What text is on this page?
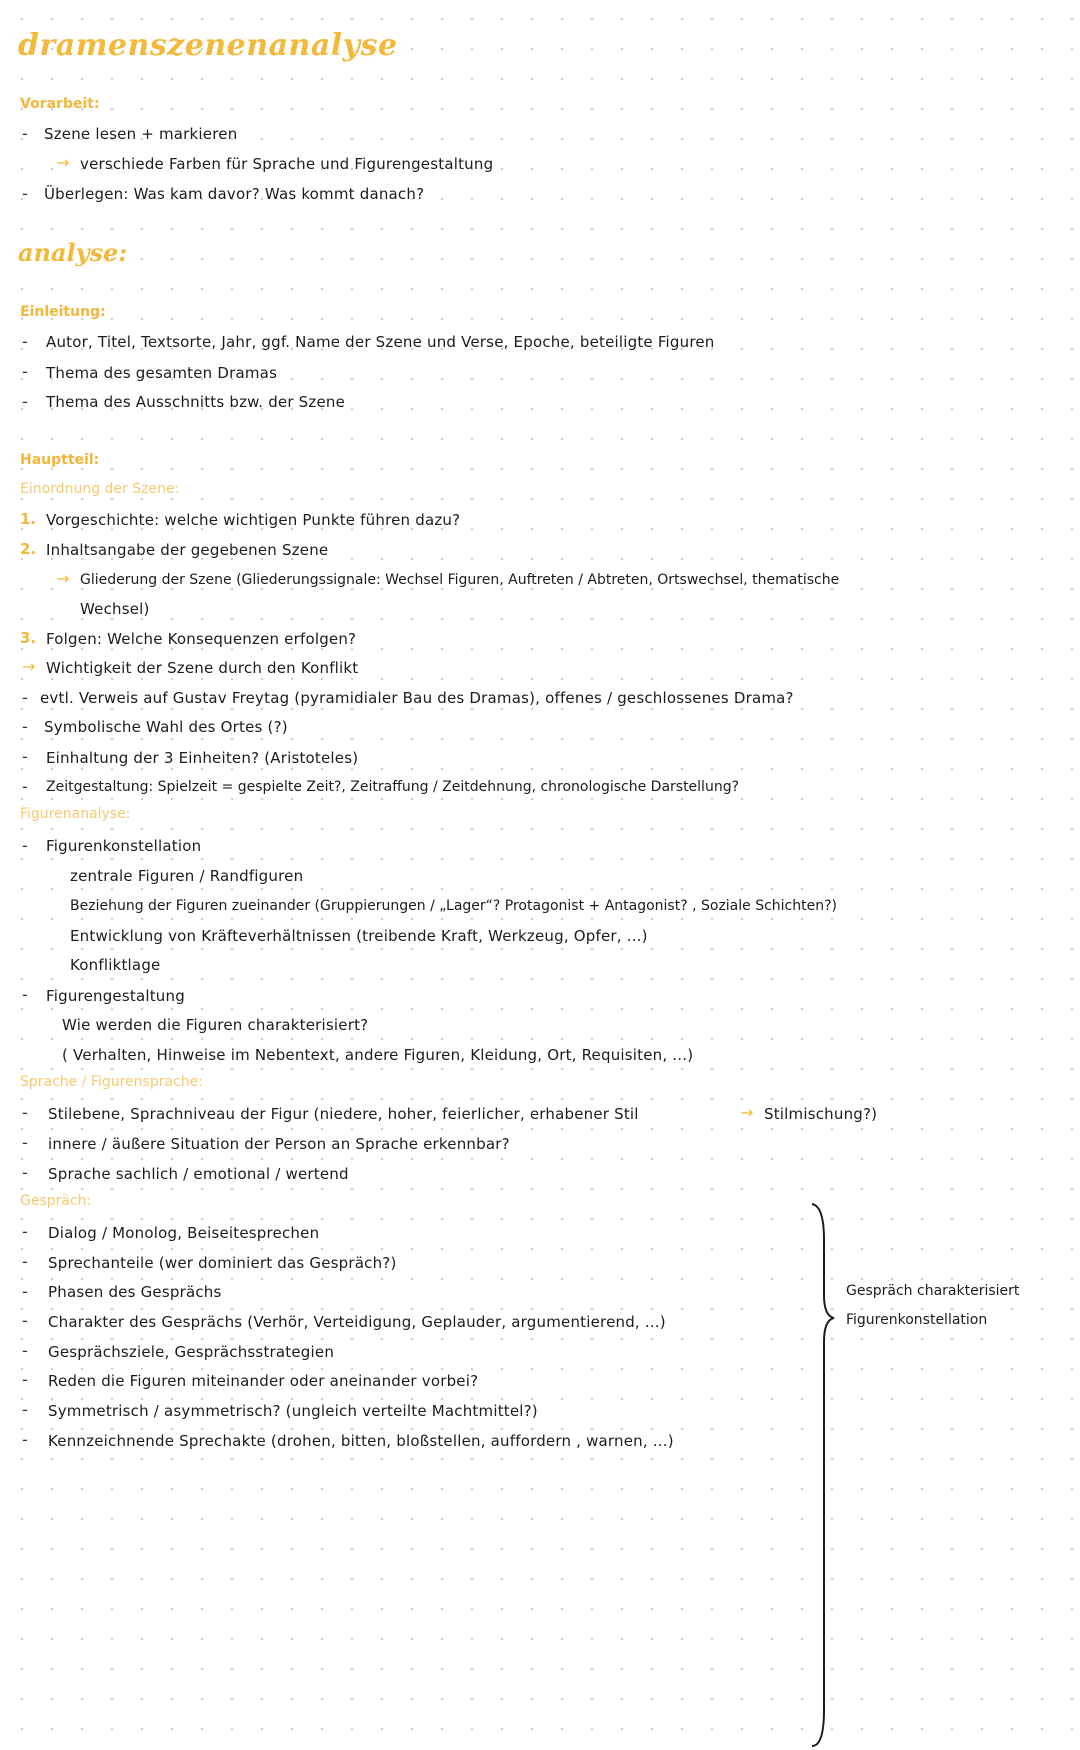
dramenszenenanalyse
Vorarbeit:
- Szene lesen + markieren
→ verschiede Farben für Sprache und Figurengestaltung
- Überlegen: Was kam davor? Was kommt danach?
analyse:
Einleitung:
- Autor, Titel, Textsorte, Jahr, ggf. Name der Szene und Verse, Epoche, beteiligte Figuren
- Thema des gesamten Dramas
- Thema des Ausschnitts bzw. der Szene
Hauptteil:
Einordnung der Szene:
1. Vorgeschichte: welche wichtigen Punkte führen dazu?
2. Inhaltsangabe der gegebenen Szene
→ Gliederung der Szene (Gliederungssignale: Wechsel Figuren, Auftreten / Abtreten, Ortswechsel, thematische
Wechsel)
3. Folgen: Welche Konsequenzen erfolgen?
→ Wichtigkeit der Szene durch den Konflikt
- evtl. Verweis auf Gustav Freytag (pyramidialer Bau des Dramas), offenes / geschlossenes Drama?
- Symbolische Wahl des Ortes (?)
- Einhaltung der 3 Einheiten? (Aristoteles)
- Zeitgestaltung: Spielzeit = gespielte Zeit?, Zeitraffung / Zeitdehnung, chronologische Darstellung?
Figurenanalyse:
- Figurenkonstellation
zentrale Figuren / Randfiguren
Beziehung der Figuren zueinander (Gruppierungen / „Lager“? Protagonist + Antagonist? , Soziale Schichten?)
Entwicklung von Kräfteverhältnissen (treibende Kraft, Werkzeug, Opfer, ...)
Konfliktlage
- Figurengestaltung
Wie werden die Figuren charakterisiert?
( Verhalten, Hinweise im Nebentext, andere Figuren, Kleidung, Ort, Requisiten, ...)
Sprache / Figurensprache:
- Stilebene, Sprachniveau der Figur (niedere, hoher, feierlicher, erhabener Stil	→ Stilmischung?)
- innere / äußere Situation der Person an Sprache erkennbar?
- Sprache sachlich / emotional / wertend
Gespräch:
- Dialog / Monolog, Beiseitesprechen
- Sprechanteile (wer dominiert das Gespräch?)
- Phasen des Gesprächs
- Charakter des Gesprächs (Verhör, Verteidigung, Geplauder, argumentierend, ...)
- Gesprächsziele, Gesprächsstrategien
- Reden die Figuren miteinander oder aneinander vorbei?
- Symmetrisch / asymmetrisch? (ungleich verteilte Machtmittel?)
- Kennzeichnende Sprechakte (drohen, bitten, bloßstellen, auffordern , warnen, ...)
Gespräch charakterisiert
Figurenkonstellation
